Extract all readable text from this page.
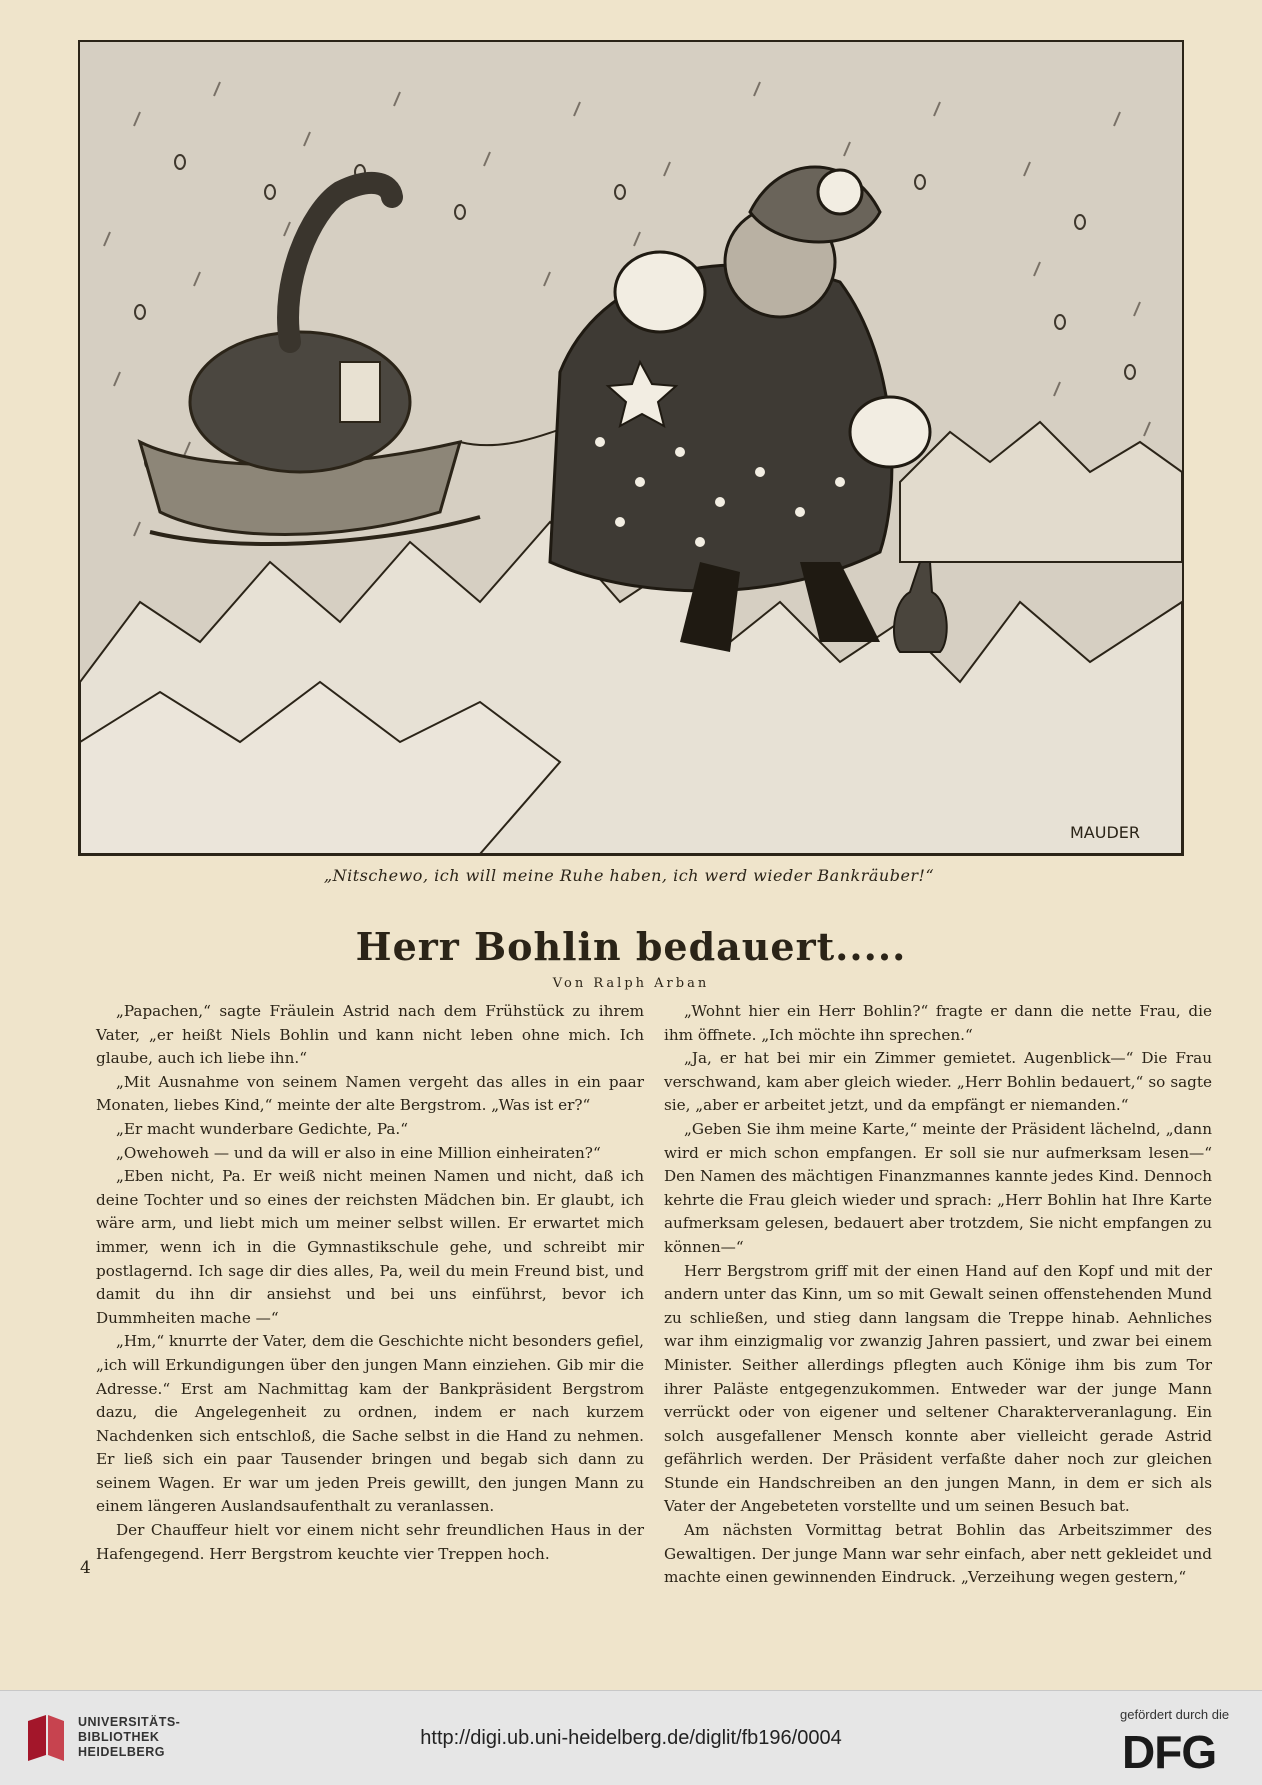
MAUDER
„Nitschewo, ich will meine Ruhe haben, ich werd wieder Bankräuber!“
Herr Bohlin bedauert.....
Von Ralph Arban

„Papachen,“ sagte Fräulein Astrid nach dem Frühstück zu ihrem Vater, „er heißt Niels Bohlin und kann nicht leben ohne mich. Ich glaube, auch ich liebe ihn.“

„Mit Ausnahme von seinem Namen vergeht das alles in ein paar Monaten, liebes Kind,“ meinte der alte Bergstrom. „Was ist er?“

„Er macht wunderbare Gedichte, Pa.“

„Owehoweh — und da will er also in eine Million einheiraten?“

„Eben nicht, Pa. Er weiß nicht meinen Namen und nicht, daß ich deine Tochter und so eines der reichsten Mädchen bin. Er glaubt, ich wäre arm, und liebt mich um meiner selbst willen. Er erwartet mich immer, wenn ich in die Gymnastikschule gehe, und schreibt mir postlagernd. Ich sage dir dies alles, Pa, weil du mein Freund bist, und damit du ihn dir ansiehst und bei uns einführst, bevor ich Dummheiten mache —“

„Hm,“ knurrte der Vater, dem die Geschichte nicht besonders gefiel, „ich will Erkundigungen über den jungen Mann einziehen. Gib mir die Adresse.“ Erst am Nachmittag kam der Bankpräsident Bergstrom dazu, die Angelegenheit zu ordnen, indem er nach kurzem Nachdenken sich entschloß, die Sache selbst in die Hand zu nehmen. Er ließ sich ein paar Tausender bringen und begab sich dann zu seinem Wagen. Er war um jeden Preis gewillt, den jungen Mann zu einem längeren Auslandsaufenthalt zu veranlassen.

Der Chauffeur hielt vor einem nicht sehr freundlichen Haus in der Hafengegend. Herr Bergstrom keuchte vier Treppen hoch.

„Wohnt hier ein Herr Bohlin?“ fragte er dann die nette Frau, die ihm öffnete. „Ich möchte ihn sprechen.“

„Ja, er hat bei mir ein Zimmer gemietet. Augenblick—“ Die Frau verschwand, kam aber gleich wieder. „Herr Bohlin bedauert,“ so sagte sie, „aber er arbeitet jetzt, und da empfängt er niemanden.“

„Geben Sie ihm meine Karte,“ meinte der Präsident lächelnd, „dann wird er mich schon empfangen. Er soll sie nur aufmerksam lesen—“ Den Namen des mächtigen Finanzmannes kannte jedes Kind. Dennoch kehrte die Frau gleich wieder und sprach: „Herr Bohlin hat Ihre Karte aufmerksam gelesen, bedauert aber trotzdem, Sie nicht empfangen zu können—“

Herr Bergstrom griff mit der einen Hand auf den Kopf und mit der andern unter das Kinn, um so mit Gewalt seinen offenstehenden Mund zu schließen, und stieg dann langsam die Treppe hinab. Aehnliches war ihm einzigmalig vor zwanzig Jahren passiert, und zwar bei einem Minister. Seither allerdings pflegten auch Könige ihm bis zum Tor ihrer Paläste entgegenzukommen. Entweder war der junge Mann verrückt oder von eigener und seltener Charakterveranlagung. Ein solch ausgefallener Mensch konnte aber vielleicht gerade Astrid gefährlich werden. Der Präsident verfaßte daher noch zur gleichen Stunde ein Handschreiben an den jungen Mann, in dem er sich als Vater der Angebeteten vorstellte und um seinen Besuch bat.

Am nächsten Vormittag betrat Bohlin das Arbeitszimmer des Gewaltigen. Der junge Mann war sehr einfach, aber nett gekleidet und machte einen gewinnenden Eindruck. „Verzeihung wegen gestern,“

4
UNIVERSITÄTS-
BIBLIOTHEK
HEIDELBERG
http://digi.ub.uni-heidelberg.de/diglit/fb196/0004
gefördert durch die
DFG
